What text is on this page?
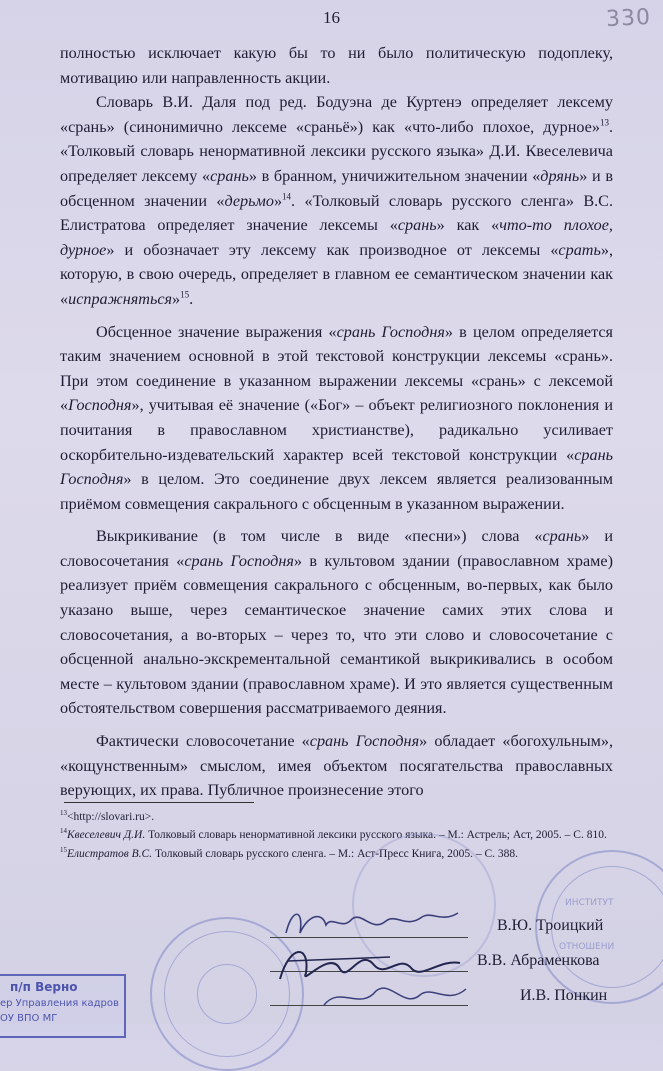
16	330

полностью исключает какую бы то ни было политическую подоплеку, мотивацию или направленность акции.

Словарь В.И. Даля под ред. Бодуэна де Куртенэ определяет лексему «срань» (синонимично лексеме «сраньё») как «что-либо плохое, дурное»$^{13}$. «Толковый словарь ненормативной лексики русского языка» Д.И. Квеселевича определяет лексему «срань» в бранном, уничижительном значении «дрянь» и в обсценном значении «дерьмо»$^{14}$. «Толковый словарь русского сленга» В.С. Елистратова определяет значение лексемы «срань» как «что-то плохое, дурное» и обозначает эту лексему как производное от лексемы «срать», которую, в свою очередь, определяет в главном ее семантическом значении как «испражняться»$^{15}$.

Обсценное значение выражения «срань Господня» в целом определяется таким значением основной в этой текстовой конструкции лексемы «срань». При этом соединение в указанном выражении лексемы «срань» с лексемой «Господня», учитывая её значение («Бог» – объект религиозного поклонения и почитания в православном христианстве), радикально усиливает оскорбительно-издевательский характер всей текстовой конструкции «срань Господня» в целом. Это соединение двух лексем является реализованным приёмом совмещения сакрального с обсценным в указанном выражении.

Выкрикивание (в том числе в виде «песни») слова «срань» и словосочетания «срань Господня» в культовом здании (православном храме) реализует приём совмещения сакрального с обсценным, во-первых, как было указано выше, через семантическое значение самих этих слова и словосочетания, а во-вторых – через то, что эти слово и словосочетание с обсценной анально-экскрементальной семантикой выкрикивались в особом месте – культовом здании (православном храме). И это является существенным обстоятельством совершения рассматриваемого деяния.

Фактически словосочетание «срань Господня» обладает «богохульным», «кощунственным» смыслом, имея объектом посягательства православных верующих, их права. Публичное произнесение этого

$^{13}$<http://slovari.ru>.

$^{14}$Квеселевич Д.И. Толковый словарь ненормативной лексики русского языка. – М.: Астрель; Аст, 2005. – С. 810.

$^{15}$Елистратов В.С. Толковый словарь русского сленга. – М.: Аст-Пресс Книга, 2005. – С. 388.

ИНСТИТУТ
ОТНОШЕНИ
В.Ю. Троицкий
В.В. Абраменкова
И.В. Понкин
п/п Верно
ер Управления кадров
ОУ ВПО МГ
